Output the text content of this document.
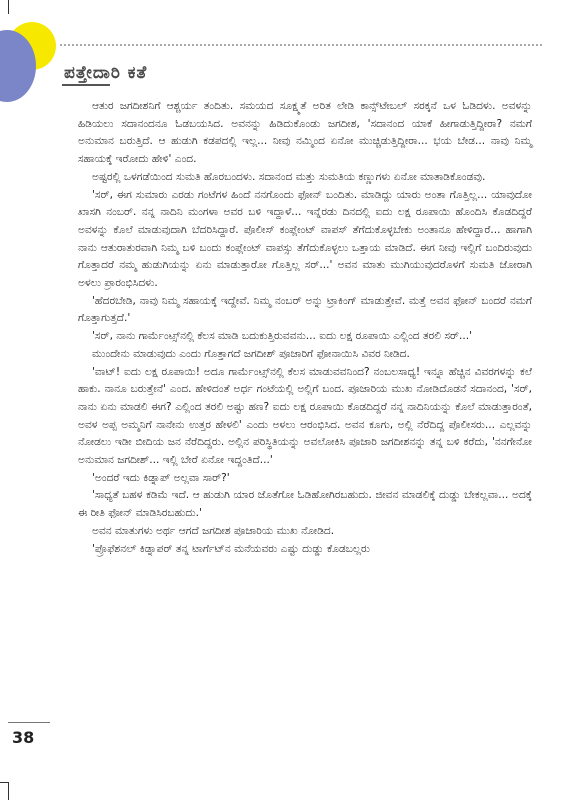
ಪತ್ತೇದಾರಿ ಕತೆ

ಆತುರ ಜಗದೀಶನಿಗೆ ಆಶ್ಚರ್ಯ ತಂದಿತು. ಸಮಯದ ಸೂಕ್ಷ್ಮತೆ ಅರಿತ ಲೇಡಿ ಕಾನ್ಸ್‌ಟೇಬಲ್ ಸರಕ್ಕನೆ ಒಳ ಓಡಿದಳು. ಅವಳನ್ನು ಹಿಡಿಯಲು ಸದಾನಂದನೂ ಓಡಬಯಸಿದ. ಅವನನ್ನು ಹಿಡಿದುಕೊಂಡು ಜಗದೀಶ, 'ಸದಾನಂದ ಯಾಕೆ ಹೀಗಾಡುತ್ತಿದ್ದೀರಾ? ನಮಗೆ ಅನುಮಾನ ಬರುತ್ತಿದೆ. ಆ ಹುಡುಗಿ ಕಡಪದಲ್ಲಿ ಇಲ್ಲ... ನೀವು ನಮ್ಮಿಂದ ಏನೋ ಮುಚ್ಚಿಡುತ್ತಿದ್ದೀರಾ... ಭಯ ಬೇಡ... ನಾವು ನಿಮ್ಮ ಸಹಾಯಕ್ಕೆ ಇರೋದು ಹೇಳಿ' ಎಂದ.

ಅಷ್ಟರಲ್ಲಿ ಒಳಗಡೆಯಿಂದ ಸುಮತಿ ಹೊರಬಂದಳು. ಸದಾನಂದ ಮತ್ತು ಸುಮತಿಯ ಕಣ್ಣುಗಳು ಏನೋ ಮಾತಾಡಿಕೊಂಡವು.

'ಸರ್, ಈಗ ಸುಮಾರು ಎರಡು ಗಂಟೆಗಳ ಹಿಂದೆ ನನಗೊಂದು ಫೋನ್ ಬಂದಿತು. ಮಾಡಿದ್ದು ಯಾರು ಅಂತಾ ಗೊತ್ತಿಲ್ಲ... ಯಾವುದೋ ಖಾಸಗಿ ನಂಬರ್. ನನ್ನ ನಾದಿನಿ ಮಂಗಳಾ ಅವರ ಬಳಿ ಇದ್ದಾಳೆ... ಇನ್ನೆರಡು ದಿನದಲ್ಲಿ ಐದು ಲಕ್ಷ ರೂಪಾಯಿ ಹೊಂದಿಸಿ ಕೊಡದಿದ್ದರೆ ಅವಳನ್ನು ಕೊಲೆ ಮಾಡುವುದಾಗಿ ಬೆದರಿಸಿದ್ದಾರೆ. ಪೊಲೀಸ್ ಕಂಪ್ಲೇಂಟ್ ವಾಪಸ್ ತೆಗೆದುಕೊಳ್ಳಬೇಕು ಅಂತಾನೂ ಹೇಳಿದ್ದಾರೆ... ಹಾಗಾಗಿ ನಾನು ಆತುರಾತುರವಾಗಿ ನಿಮ್ಮ ಬಳಿ ಬಂದು ಕಂಪ್ಲೇಂಟ್ ವಾಪಸ್ಸು ತೆಗೆದುಕೊಳ್ಳಲು ಒತ್ತಾಯ ಮಾಡಿದೆ. ಈಗ ನೀವು ಇಲ್ಲಿಗೆ ಬಂದಿರುವುದು ಗೊತ್ತಾದರೆ ನಮ್ಮ ಹುಡುಗಿಯನ್ನು ಏನು ಮಾಡುತ್ತಾರೋ ಗೊತ್ತಿಲ್ಲ ಸರ್...' ಅವನ ಮಾತು ಮುಗಿಯುವುದರೊಳಗೆ ಸುಮತಿ ಜೋರಾಗಿ ಅಳಲು ಪ್ರಾರಂಭಿಸಿದಳು.

'ಹೆದರಬೇಡಿ, ನಾವು ನಿಮ್ಮ ಸಹಾಯಕ್ಕೆ ಇದ್ದೇವೆ. ನಿಮ್ಮ ನಂಬರ್ ಅನ್ನು ಟ್ರಾಕಿಂಗ್ ಮಾಡುತ್ತೇವೆ. ಮತ್ತೆ ಅವನ ಫೋನ್ ಬಂದರೆ ನಮಗೆ ಗೊತ್ತಾಗುತ್ತದೆ.'

'ಸರ್, ನಾನು ಗಾರ್ಮೆಂಟ್ಸ್‌ನಲ್ಲಿ ಕೆಲಸ ಮಾಡಿ ಬದುಕುತ್ತಿರುವವನು... ಐದು ಲಕ್ಷ ರೂಪಾಯಿ ಎಲ್ಲಿಂದ ತರಲಿ ಸರ್...'

ಮುಂದೇನು ಮಾಡುವುದು ಎಂದು ಗೊತ್ತಾಗದೆ ಜಗದೀಶ್ ಪೂಜಾರಿಗೆ ಫೋನಾಯಿಸಿ ವಿವರ ನೀಡಿದ.

'ವಾಟ್! ಐದು ಲಕ್ಷ ರೂಪಾಯಿ! ಅದೂ ಗಾರ್ಮೆಂಟ್ಸ್‌ನಲ್ಲಿ ಕೆಲಸ ಮಾಡುವವನಿಂದ? ನಂಬಲಸಾಧ್ಯ! ಇನ್ನೂ ಹೆಚ್ಚಿನ ವಿವರಗಳನ್ನು ಕಲೆ ಹಾಕು. ನಾನೂ ಬರುತ್ತೇನೆ' ಎಂದ. ಹೇಳಿದಂತೆ ಅರ್ಧ ಗಂಟೆಯಲ್ಲಿ ಅಲ್ಲಿಗೆ ಬಂದ. ಪೂಜಾರಿಯ ಮುಖ ನೋಡಿದೊಡನೆ ಸದಾನಂದ, 'ಸರ್, ನಾನು ಏನು ಮಾಡಲಿ ಈಗ? ಎಲ್ಲಿಂದ ತರಲಿ ಅಷ್ಟು ಹಣ? ಐದು ಲಕ್ಷ ರೂಪಾಯಿ ಕೊಡದಿದ್ದರೆ ನನ್ನ ನಾದಿನಿಯನ್ನು ಕೊಲೆ ಮಾಡುತ್ತಾರಂತೆ, ಅವಳ ಅಪ್ಪ ಅಮ್ಮನಿಗೆ ನಾನೇನು ಉತ್ತರ ಹೇಳಲಿ' ಎಂದು ಅಳಲು ಆರಂಭಿಸಿದ. ಅವನ ಕೂಗು, ಅಲ್ಲಿ ನೆರೆದಿದ್ದ ಪೊಲೀಸರು... ಎಲ್ಲವನ್ನು ನೋಡಲು ಇಡೀ ಬೀದಿಯ ಜನ ನೆರೆದಿದ್ದರು. ಅಲ್ಲಿನ ಪರಿಸ್ಥಿತಿಯನ್ನು ಅವಲೋಕಿಸಿ ಪೂಜಾರಿ ಜಗದೀಶನನ್ನು ತನ್ನ ಬಳಿ ಕರೆದು, 'ನನಗೇನೋ ಅನುಮಾನ ಜಗದೀಶ್... ಇಲ್ಲಿ ಬೇರೆ ಏನೋ ಇದ್ದಂತಿದೆ...'

'ಅಂದರೆ ಇದು ಕಿಡ್ನಾಪ್ ಅಲ್ಲವಾ ಸಾರ್?'

'ಸಾಧ್ಯತೆ ಬಹಳ ಕಡಿಮೆ ಇದೆ. ಆ ಹುಡುಗಿ ಯಾರ ಜೊತೆಗೋ ಓಡಿಹೋಗಿರಬಹುದು. ಜೀವನ ಮಾಡಲಿಕ್ಕೆ ದುಡ್ಡು ಬೇಕಲ್ಲವಾ... ಅದಕ್ಕೆ ಈ ರೀತಿ ಫೋನ್ ಮಾಡಿಸಿರಬಹುದು.'

ಅವನ ಮಾತುಗಳು ಅರ್ಥ ಆಗದೆ ಜಗದೀಶ ಪೂಜಾರಿಯ ಮುಖ ನೋಡಿದ.

'ಪ್ರೊಫೆಶನಲ್ ಕಿಡ್ನಾಪರ್ ತನ್ನ ಟಾರ್ಗೆಟ್‌ನ ಮನೆಯವರು ಎಷ್ಟು ದುಡ್ಡು ಕೊಡಬಲ್ಲರು

38
